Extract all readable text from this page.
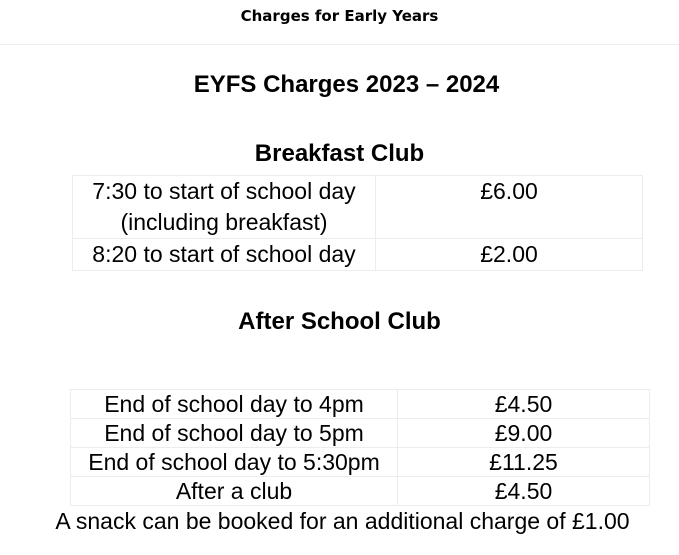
Charges for Early Years
EYFS Charges 2023 – 2024
Breakfast Club
7:30 to start of school day
(including breakfast)	£6.00
8:20 to start of school day	£2.00
After School Club
End of school day to 4pm	£4.50
End of school day to 5pm	£9.00
End of school day to 5:30pm	£11.25
After a club	£4.50
A snack can be booked for an additional charge of £1.00
